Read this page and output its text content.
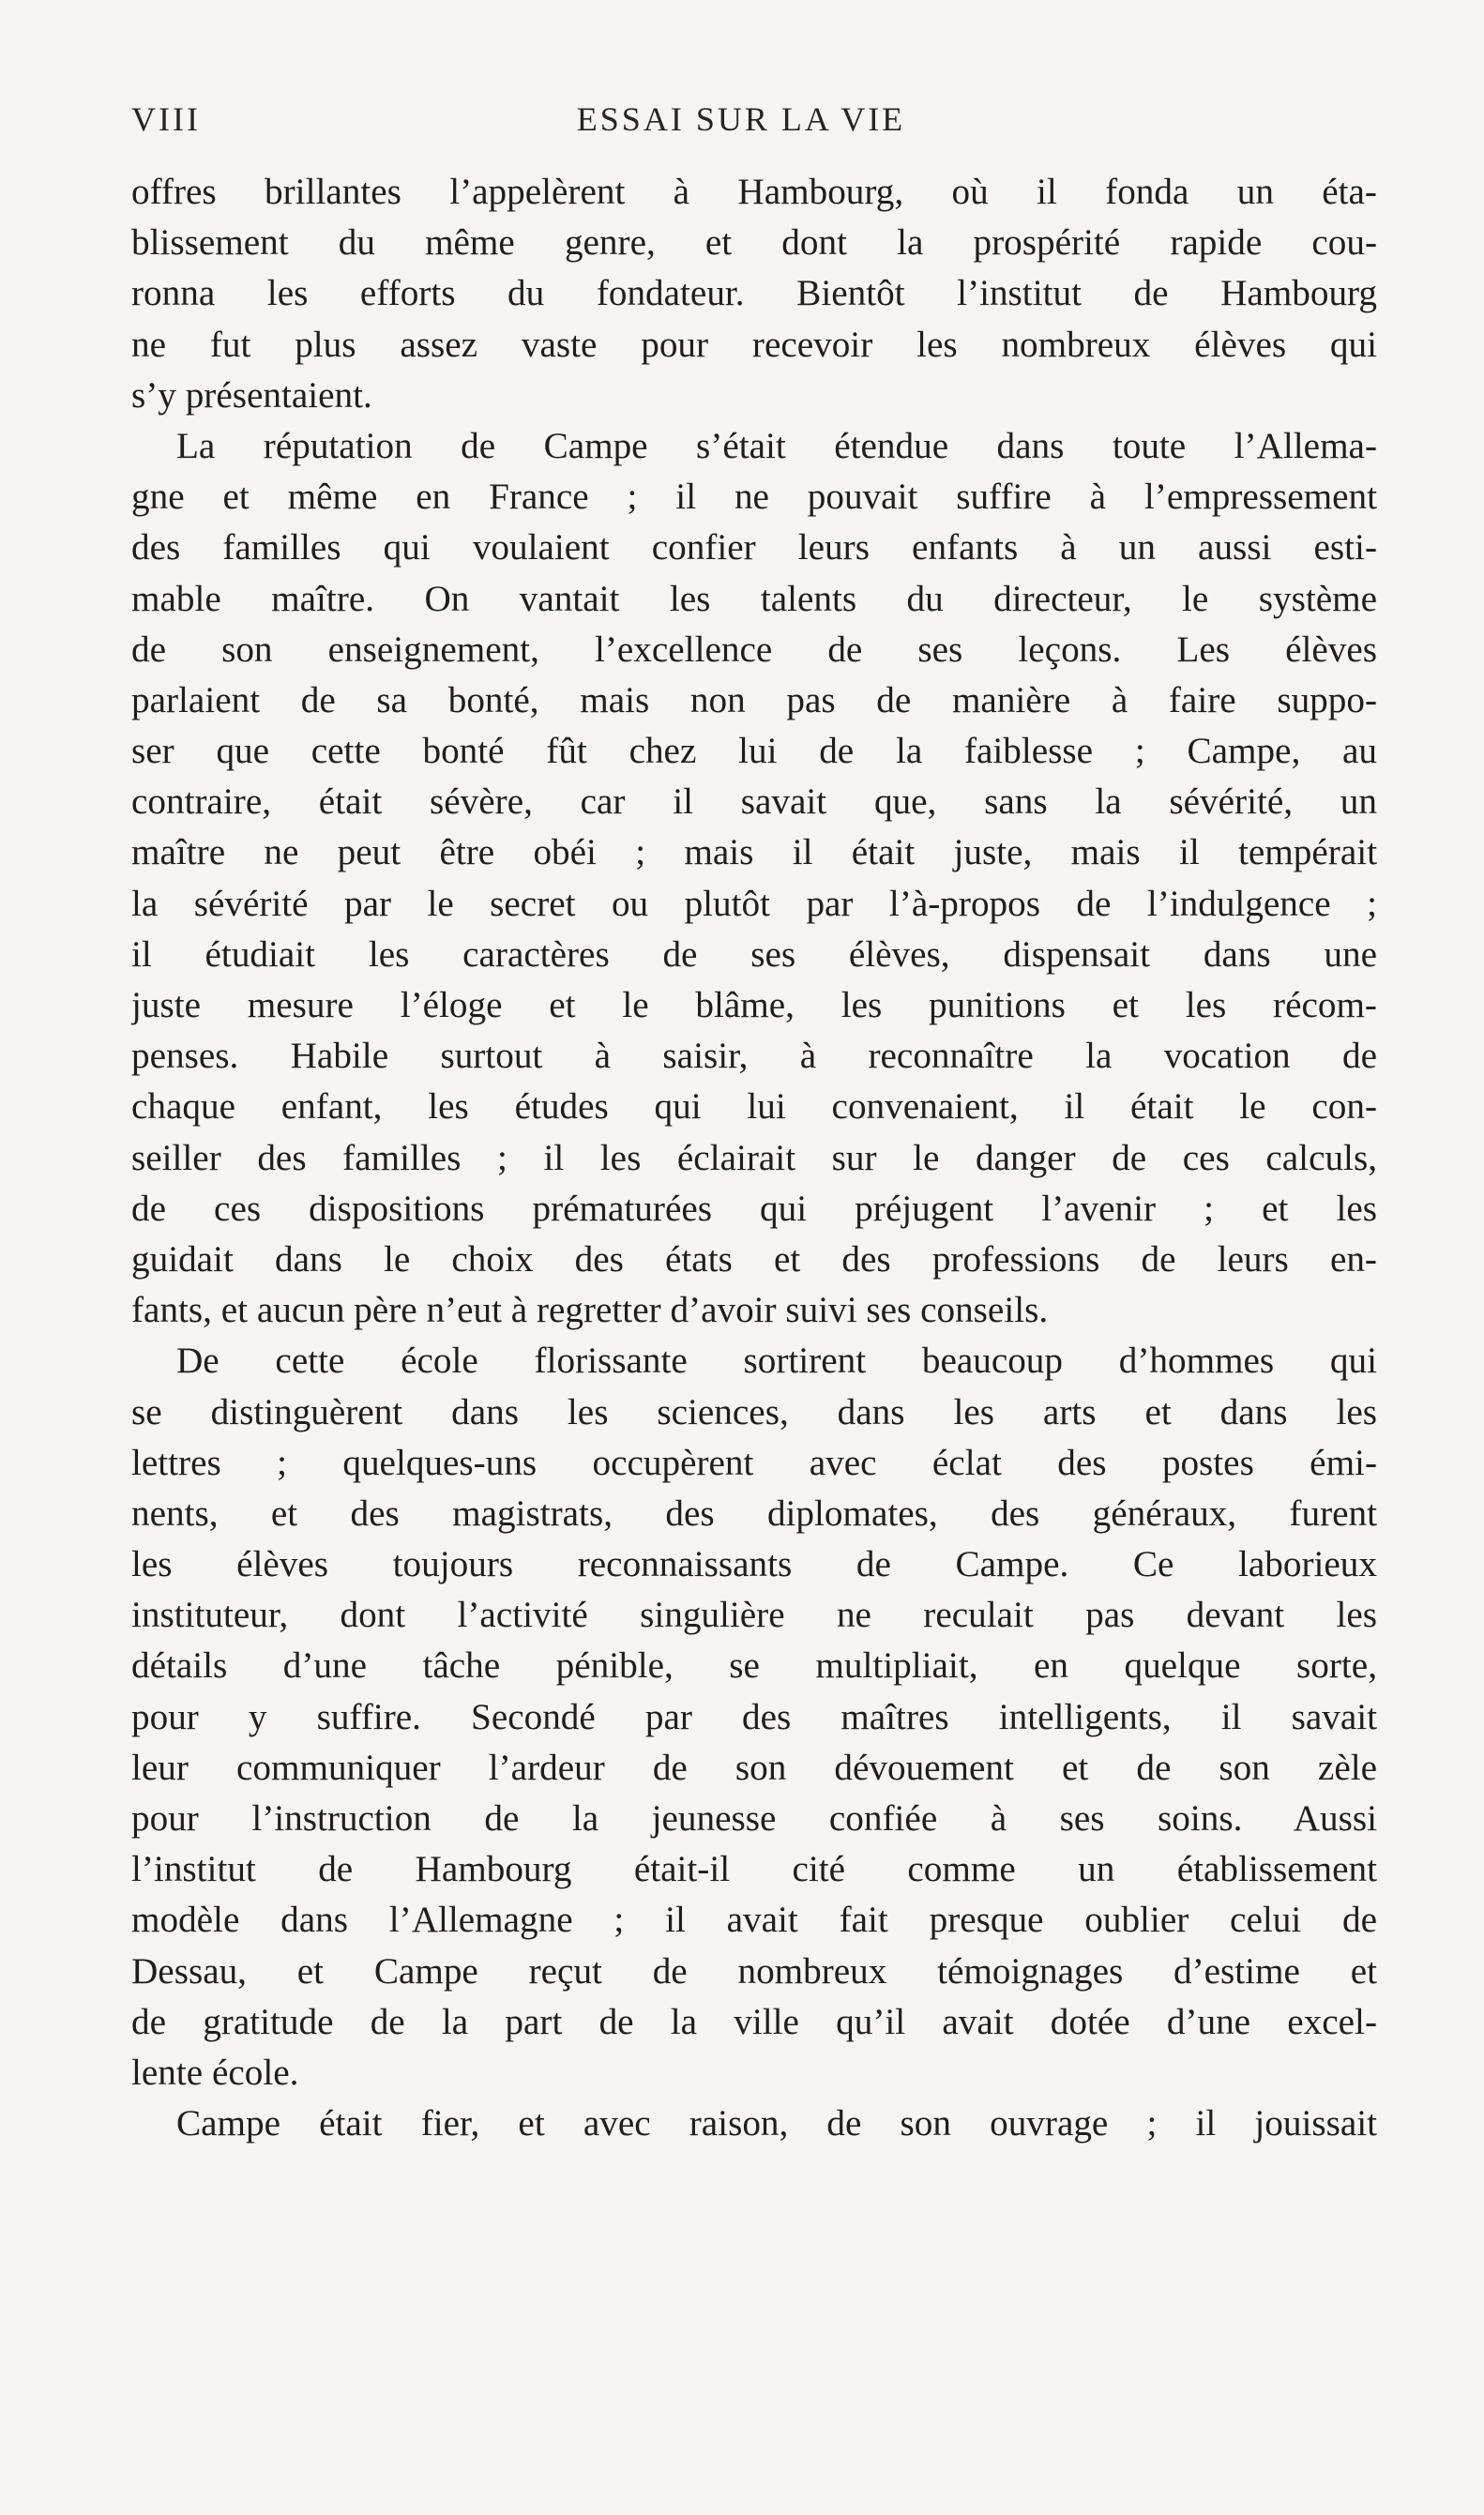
VIII	ESSAI SUR LA VIE
offres brillantes l’appelèrent à Hambourg, où il fonda un éta-
blissement du même genre, et dont la prospérité rapide cou-
ronna les efforts du fondateur. Bientôt l’institut de Hambourg
ne fut plus assez vaste pour recevoir les nombreux élèves qui
s’y présentaient.
La réputation de Campe s’était étendue dans toute l’Allema-
gne et même en France ; il ne pouvait suffire à l’empressement
des familles qui voulaient confier leurs enfants à un aussi esti-
mable maître. On vantait les talents du directeur, le système
de son enseignement, l’excellence de ses leçons. Les élèves
parlaient de sa bonté, mais non pas de manière à faire suppo-
ser que cette bonté fût chez lui de la faiblesse ; Campe, au
contraire, était sévère, car il savait que, sans la sévérité, un
maître ne peut être obéi ; mais il était juste, mais il tempérait
la sévérité par le secret ou plutôt par l’à-propos de l’indulgence ;
il étudiait les caractères de ses élèves, dispensait dans une
juste mesure l’éloge et le blâme, les punitions et les récom-
penses. Habile surtout à saisir, à reconnaître la vocation de
chaque enfant, les études qui lui convenaient, il était le con-
seiller des familles ; il les éclairait sur le danger de ces calculs,
de ces dispositions prématurées qui préjugent l’avenir ; et les
guidait dans le choix des états et des professions de leurs en-
fants, et aucun père n’eut à regretter d’avoir suivi ses conseils.
De cette école florissante sortirent beaucoup d’hommes qui
se distinguèrent dans les sciences, dans les arts et dans les
lettres ; quelques-uns occupèrent avec éclat des postes émi-
nents, et des magistrats, des diplomates, des généraux, furent
les élèves toujours reconnaissants de Campe. Ce laborieux
instituteur, dont l’activité singulière ne reculait pas devant les
détails d’une tâche pénible, se multipliait, en quelque sorte,
pour y suffire. Secondé par des maîtres intelligents, il savait
leur communiquer l’ardeur de son dévouement et de son zèle
pour l’instruction de la jeunesse confiée à ses soins. Aussi
l’institut de Hambourg était-il cité comme un établissement
modèle dans l’Allemagne ; il avait fait presque oublier celui de
Dessau, et Campe reçut de nombreux témoignages d’estime et
de gratitude de la part de la ville qu’il avait dotée d’une excel-
lente école.
Campe était fier, et avec raison, de son ouvrage ; il jouissait
